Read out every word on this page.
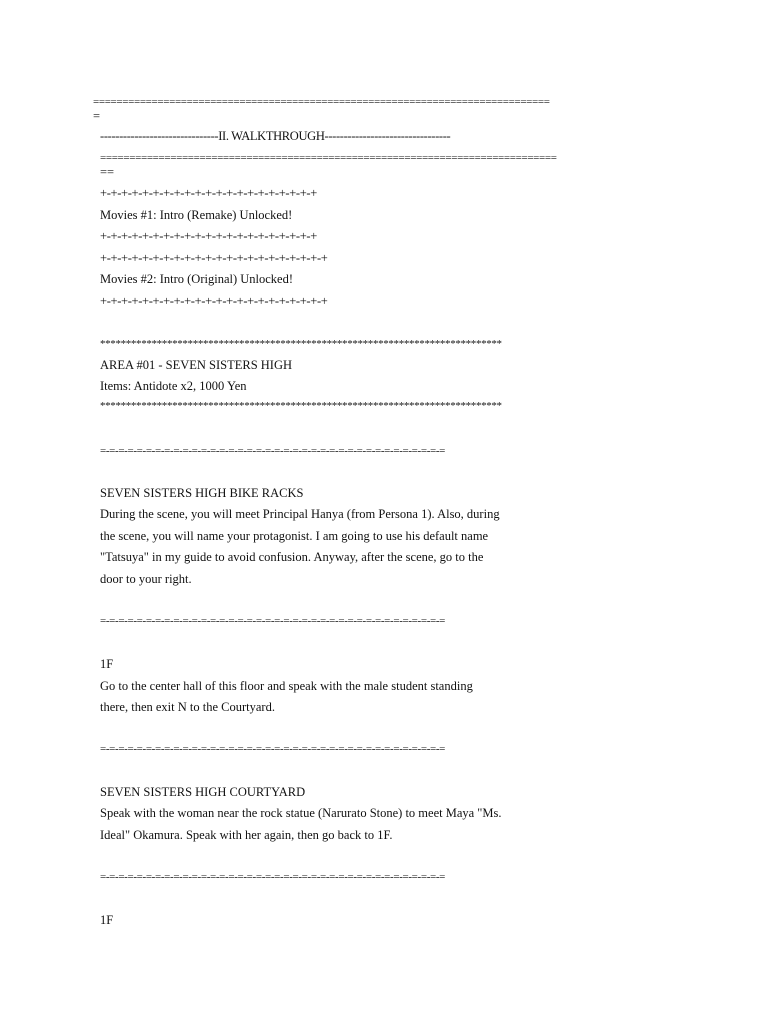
==============================================================================

=

-------------------------------II. WALKTHROUGH---------------------------------

==============================================================================

==

+-+-+-+-+-+-+-+-+-+-+-+-+-+-+-+-+-+-+-+-+

Movies #1: Intro (Remake) Unlocked!

+-+-+-+-+-+-+-+-+-+-+-+-+-+-+-+-+-+-+-+-+

+-+-+-+-+-+-+-+-+-+-+-+-+-+-+-+-+-+-+-+-+-+

Movies #2: Intro (Original) Unlocked!

+-+-+-+-+-+-+-+-+-+-+-+-+-+-+-+-+-+-+-+-+-+

******************************************************************************

AREA #01 - SEVEN SISTERS HIGH

Items: Antidote x2, 1000 Yen

******************************************************************************

=-=-=-=-=-=-=-=-=-=-=-=-=-=-=-=-=-=-=-=-=-=-=-=-=-=-=-=-=-=-=-=-=-=-=-=-=-=

SEVEN SISTERS HIGH BIKE RACKS

During the scene, you will meet Principal Hanya (from Persona 1). Also, during

the scene, you will name your protagonist. I am going to use his default name

"Tatsuya" in my guide to avoid confusion. Anyway, after the scene, go to the

door to your right.

=-=-=-=-=-=-=-=-=-=-=-=-=-=-=-=-=-=-=-=-=-=-=-=-=-=-=-=-=-=-=-=-=-=-=-=-=-=

1F

Go to the center hall of this floor and speak with the male student standing

there, then exit N to the Courtyard.

=-=-=-=-=-=-=-=-=-=-=-=-=-=-=-=-=-=-=-=-=-=-=-=-=-=-=-=-=-=-=-=-=-=-=-=-=-=

SEVEN SISTERS HIGH COURTYARD

Speak with the woman near the rock statue (Narurato Stone) to meet Maya "Ms.

Ideal" Okamura. Speak with her again, then go back to 1F.

=-=-=-=-=-=-=-=-=-=-=-=-=-=-=-=-=-=-=-=-=-=-=-=-=-=-=-=-=-=-=-=-=-=-=-=-=-=

1F
